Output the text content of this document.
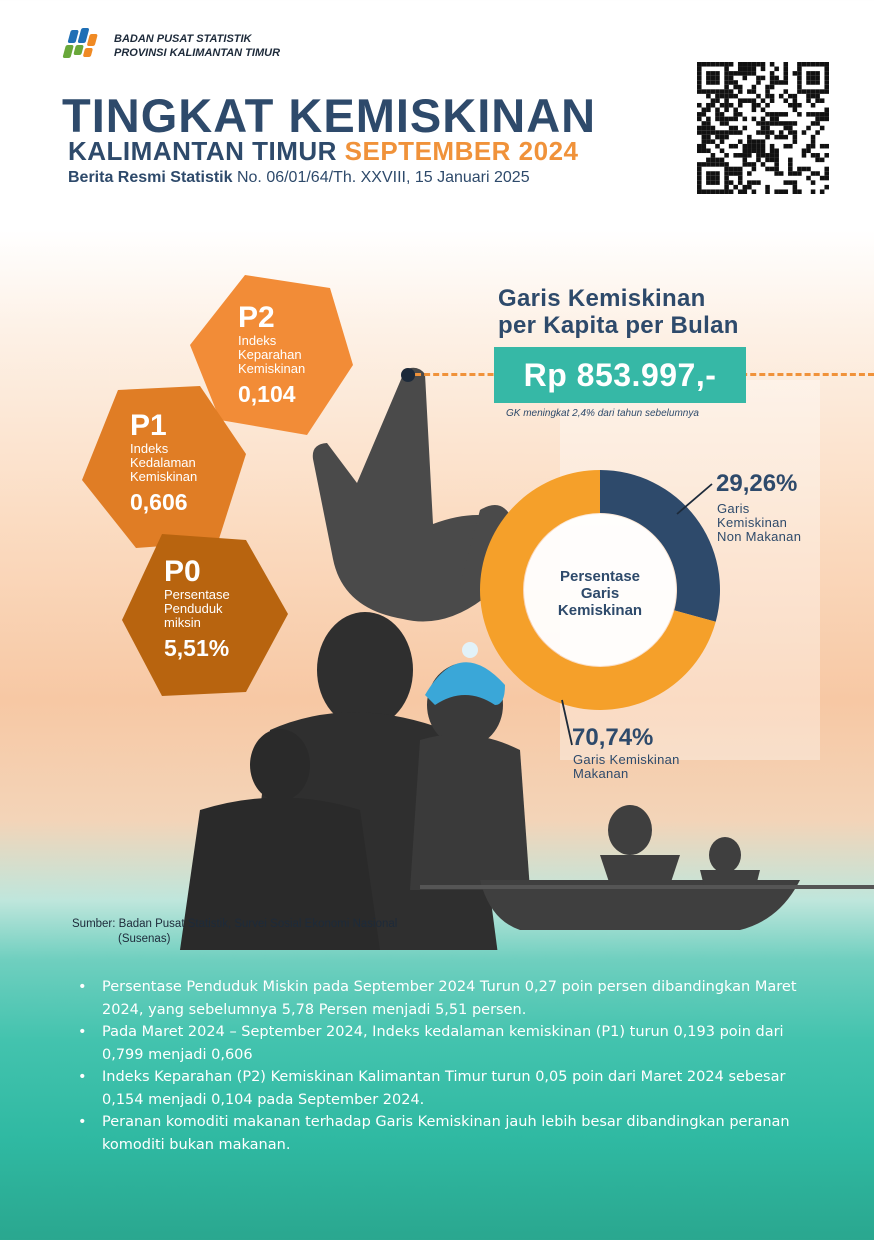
BADAN PUSAT STATISTIK
PROVINSI KALIMANTAN TIMUR
TINGKAT KEMISKINAN
KALIMANTAN TIMUR SEPTEMBER 2024
Berita Resmi Statistik No. 06/01/64/Th. XXVIII, 15 Januari 2025
P2
Indeks
Keparahan
Kemiskinan
0,104
P1
Indeks
Kedalaman
Kemiskinan
0,606
P0
Persentase
Penduduk
miksin
5,51%
Garis Kemiskinan
per Kapita per Bulan
Rp 853.997,-
GK meningkat 2,4% dari tahun sebelumnya
Persentase
Garis
Kemiskinan
29,26%
Garis
Kemiskinan
Non Makanan
70,74%
Garis Kemiskinan
Makanan
Sumber: Badan Pusat Statistik, Survei Sosial Ekonomi Nasional
(Susenas)
• Persentase Penduduk Miskin pada September 2024 Turun 0,27 poin persen dibandingkan Maret 2024, yang sebelumnya 5,78 Persen menjadi 5,51 persen.
• Pada Maret 2024 – September 2024, Indeks kedalaman kemiskinan (P1) turun 0,193 poin dari 0,799 menjadi 0,606
• Indeks Keparahan (P2) Kemiskinan Kalimantan Timur turun 0,05 poin dari Maret 2024 sebesar 0,154 menjadi 0,104 pada September 2024.
• Peranan komoditi makanan terhadap Garis Kemiskinan jauh lebih besar dibandingkan peranan komoditi bukan makanan.
